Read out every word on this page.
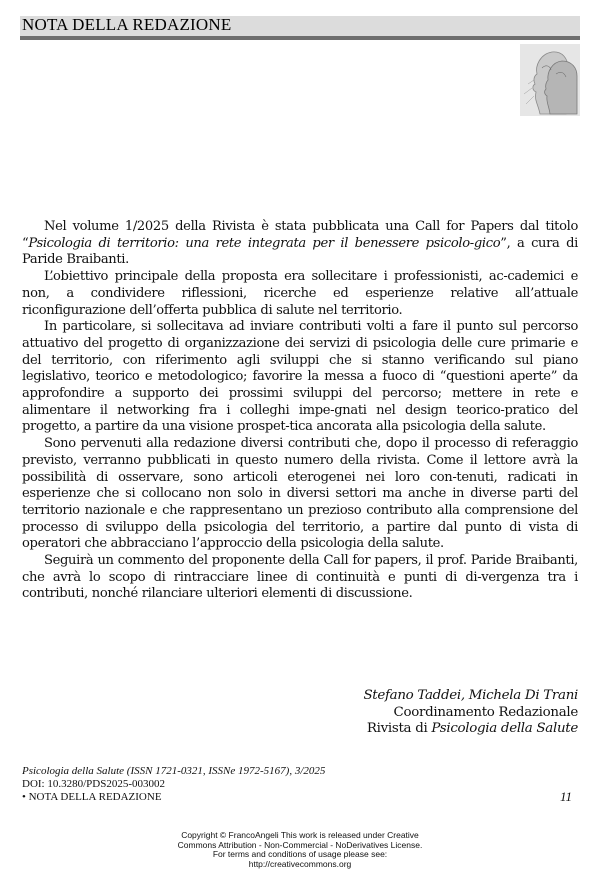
NOTA DELLA REDAZIONE

Nel volume 1/2025 della Rivista è stata pubblicata una Call for Papers dal titolo “Psicologia di territorio: una rete integrata per il benessere psicolo-gico”, a cura di Paride Braibanti.

L’obiettivo principale della proposta era sollecitare i professionisti, ac-cademici e non, a condividere riflessioni, ricerche ed esperienze relative all’attuale riconfigurazione dell’offerta pubblica di salute nel territorio.

In particolare, si sollecitava ad inviare contributi volti a fare il punto sul percorso attuativo del progetto di organizzazione dei servizi di psicologia delle cure primarie e del territorio, con riferimento agli sviluppi che si stanno verificando sul piano legislativo, teorico e metodologico; favorire la messa a fuoco di “questioni aperte” da approfondire a supporto dei prossimi sviluppi del percorso; mettere in rete e alimentare il networking fra i colleghi impe-gnati nel design teorico-pratico del progetto, a partire da una visione prospet-tica ancorata alla psicologia della salute.

Sono pervenuti alla redazione diversi contributi che, dopo il processo di referaggio previsto, verranno pubblicati in questo numero della rivista. Come il lettore avrà la possibilità di osservare, sono articoli eterogenei nei loro con-tenuti, radicati in esperienze che si collocano non solo in diversi settori ma anche in diverse parti del territorio nazionale e che rappresentano un prezioso contributo alla comprensione del processo di sviluppo della psicologia del territorio, a partire dal punto di vista di operatori che abbracciano l’approccio della psicologia della salute.

Seguirà un commento del proponente della Call for papers, il prof. Paride Braibanti, che avrà lo scopo di rintracciare linee di continuità e punti di di-vergenza tra i contributi, nonché rilanciare ulteriori elementi di discussione.

Stefano Taddei, Michela Di Trani
Coordinamento Redazionale
Rivista di Psicologia della Salute
Psicologia della Salute (ISSN 1721-0321, ISSNe 1972-5167), 3/2025
DOI: 10.3280/PDS2025-003002
• NOTA DELLA REDAZIONE	11
Copyright © FrancoAngeli This work is released under Creative
Commons Attribution - Non-Commercial - NoDerivatives License.
For terms and conditions of usage please see:
http://creativecommons.org
